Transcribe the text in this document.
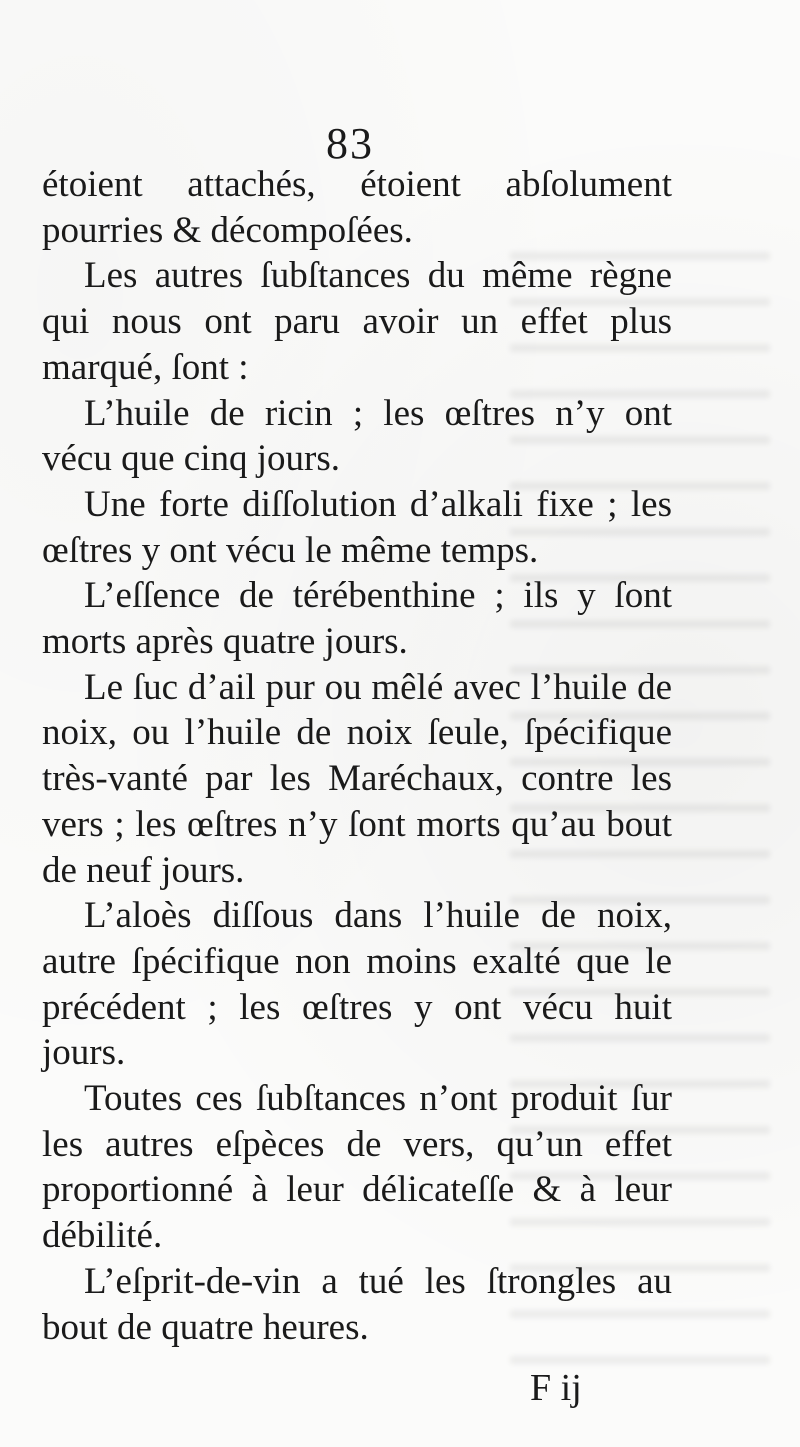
83

étoient attachés, étoient abſolument pourries & décompoſées.

Les autres ſubſtances du même règne qui nous ont paru avoir un effet plus marqué, ſont :

L’huile de ricin ; les œſtres n’y ont vécu que cinq jours.

Une forte diſſolution d’alkali fixe ; les œſtres y ont vécu le même temps.

L’eſſence de térébenthine ; ils y ſont morts après quatre jours.

Le ſuc d’ail pur ou mêlé avec l’huile de noix, ou l’huile de noix ſeule, ſpécifique très-vanté par les Maréchaux, contre les vers ; les œſtres n’y ſont morts qu’au bout de neuf jours.

L’aloès diſſous dans l’huile de noix, autre ſpécifique non moins exalté que le précédent ; les œſtres y ont vécu huit jours.

Toutes ces ſubſtances n’ont produit ſur les autres eſpèces de vers, qu’un effet proportionné à leur délicateſſe & à leur débilité.

L’eſprit-de-vin a tué les ſtrongles au bout de quatre heures.

F ij
